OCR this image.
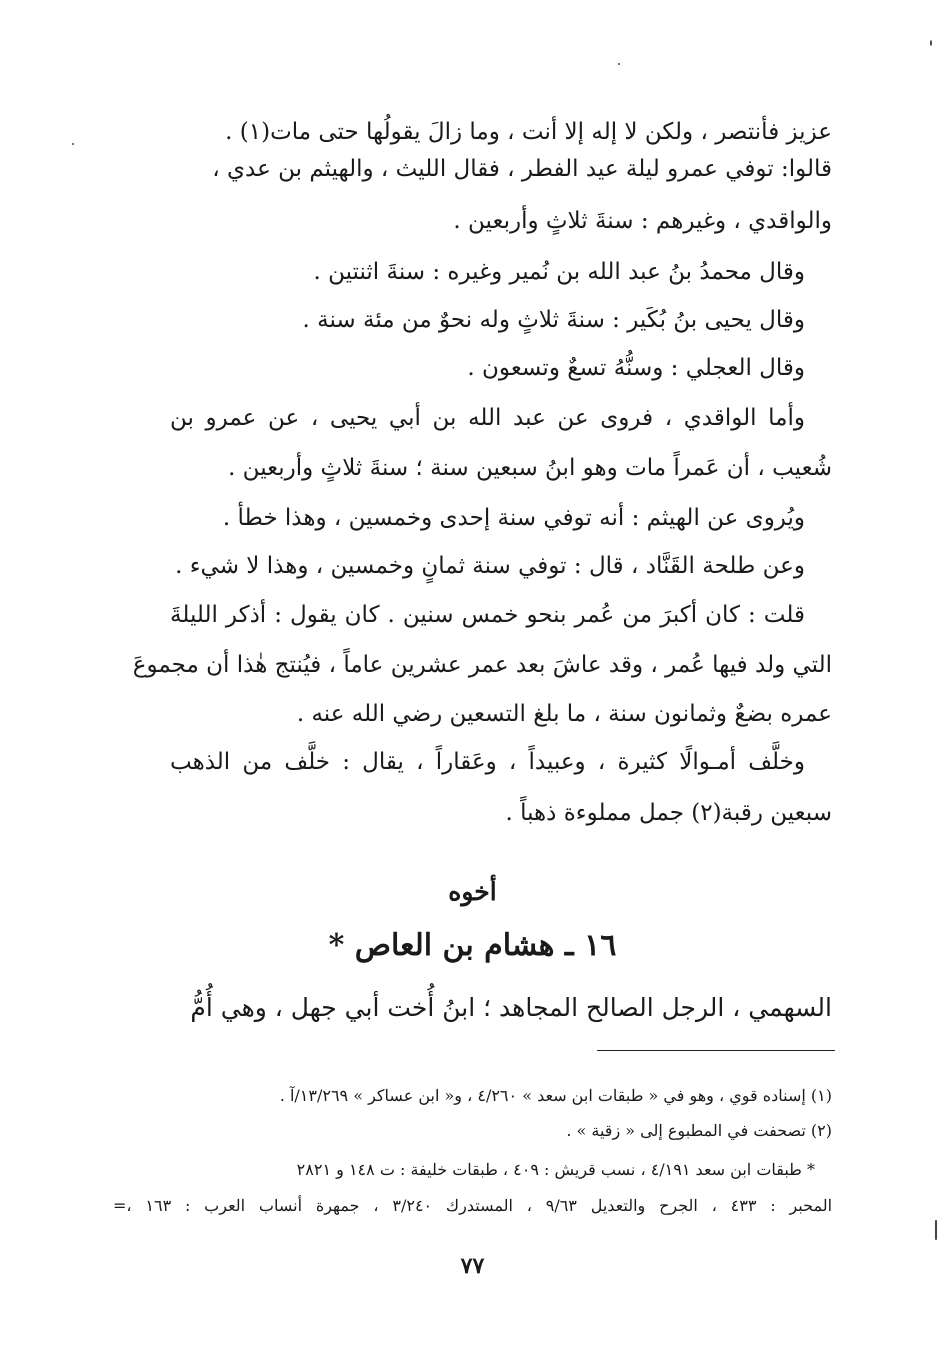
عزيز فأنتصر ، ولكن لا إله إلا أنت ، وما زالَ يقولُها حتى مات(١) .
قالوا: توفي عمرو ليلة عيد الفطر ، فقال الليث ، والهيثم بن عدي ،
والواقدي ، وغيرهم : سنةَ ثلاثٍ وأربعين .
وقال محمدُ بنُ عبد الله بن نُمير وغيره : سنةَ اثنتين .
وقال يحيى بنُ بُكَير : سنةَ ثلاثٍ وله نحوٌ من مئة سنة .
وقال العجلي : وسنُّهُ تسعٌ وتسعون .
وأما الواقدي ، فروى عن عبد الله بن أبي يحيى ، عن عمرو بن
شُعيب ، أن عَمراً مات وهو ابنُ سبعين سنة ؛ سنةَ ثلاثٍ وأربعين .
ويُروى عن الهيثم : أنه توفي سنة إحدى وخمسين ، وهذا خطأ .
وعن طلحة القَنَّاد ، قال : توفي سنة ثمانٍ وخمسين ، وهذا لا شيء .
قلت : كان أكبرَ من عُمر بنحو خمس سنين . كان يقول : أذكر الليلةَ
التي ولد فيها عُمر ، وقد عاشَ بعد عمر عشرين عاماً ، فيُنتج هٰذا أن مجموعَ
عمره بضعٌ وثمانون سنة ، ما بلغ التسعين رضي الله عنه .
وخلَّف أمـوالًا كثيرة ، وعبيداً ، وعَقاراً ، يقال : خلَّف من الذهب
سبعين رقبة(٢) جمل مملوءة ذهباً .
أخوه
١٦ ـ هشام بن العاص *
السهمي ، الرجل الصالح المجاهد ؛ ابنُ أُخت أبي جهل ، وهي أُمُّ
(١) إسناده قوي ، وهو في « طبقات ابن سعد » ٤/٢٦٠ ، و« ابن عساكر » ١٣/٢٦٩/آ .
(٢) تصحفت في المطبوع إلى « زقية » .
* طبقات ابن سعد ٤/١٩١ ، نسب قريش : ٤٠٩ ، طبقات خليفة : ت ١٤٨ و ٢٨٢١
المحبر : ٤٣٣ ، الجرح والتعديل ٩/٦٣ ، المستدرك ٣/٢٤٠ ، جمهرة أنساب العرب : ١٦٣ ،=
٧٧
